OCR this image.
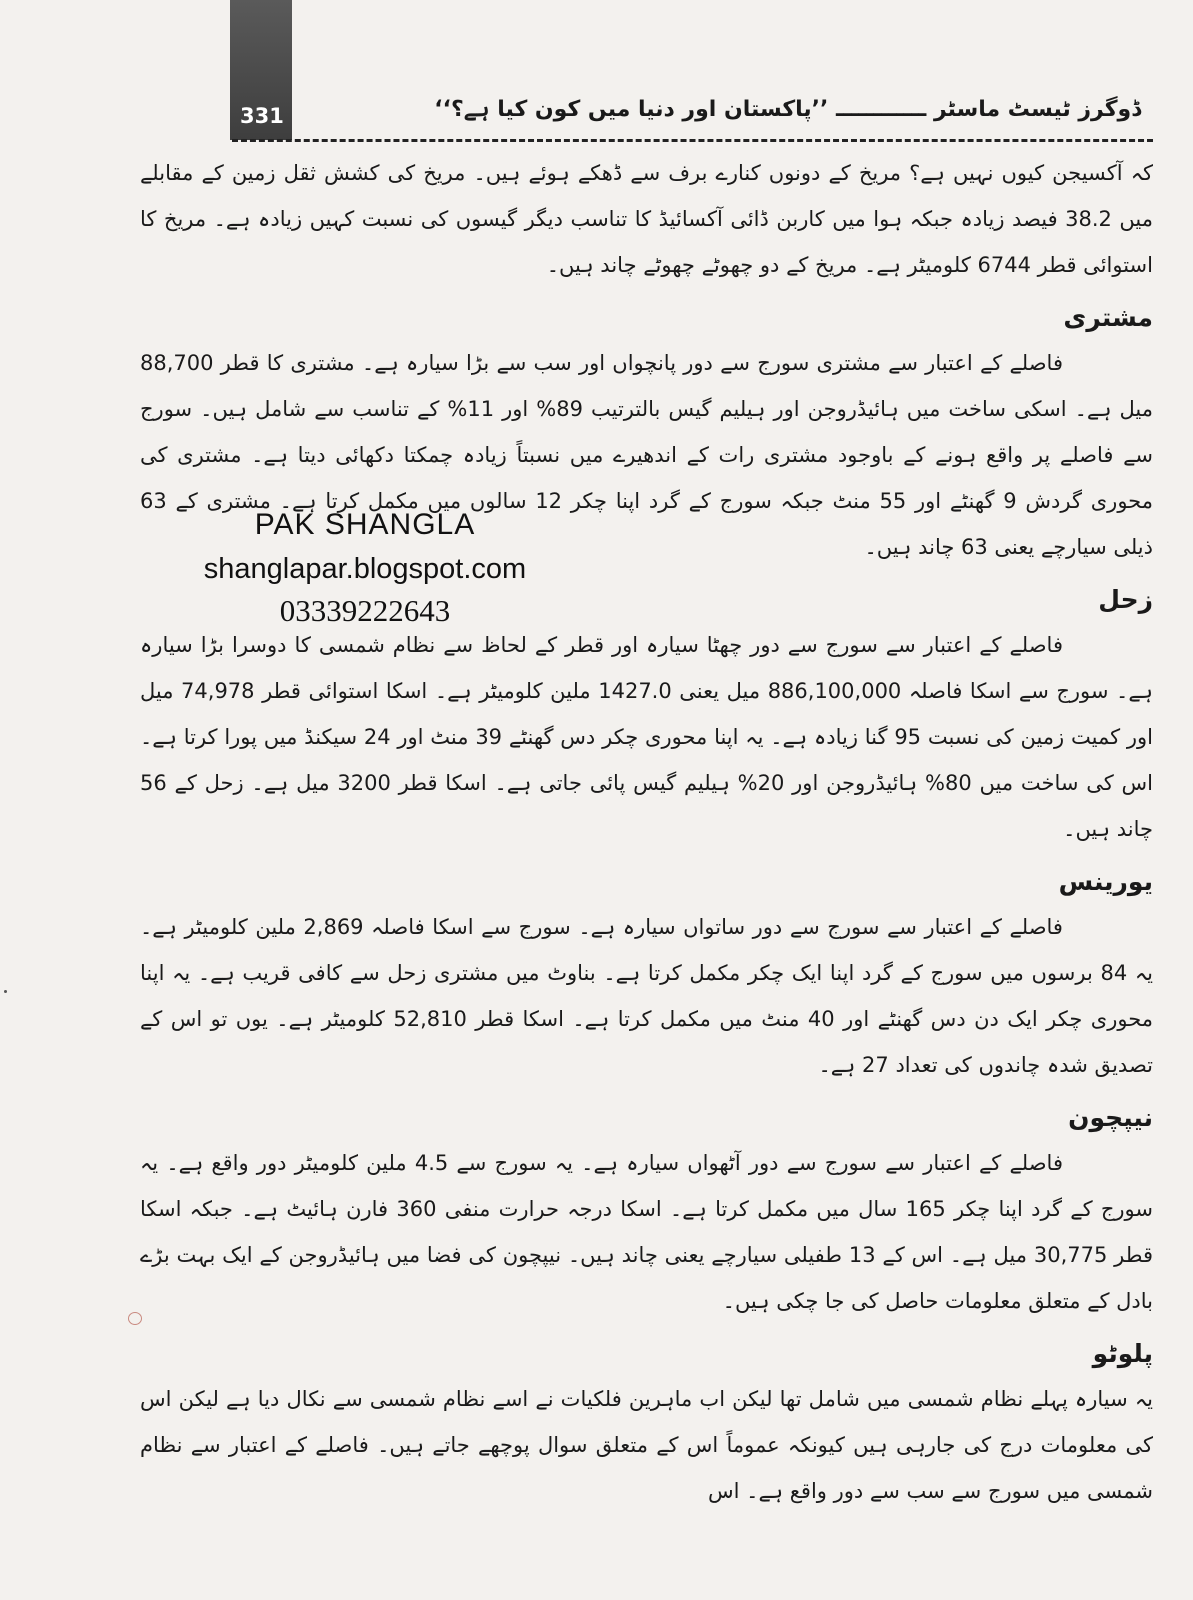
331	ڈوگرز ٹیسٹ ماسٹر ــــــــــــ ’’پاکستان اور دنیا میں کون کیا ہے؟‘‘

کہ آکسیجن کیوں نہیں ہے؟ مریخ کے دونوں کنارے برف سے ڈھکے ہوئے ہیں۔ مریخ کی کشش ثقل زمین کے مقابلے میں 38.2 فیصد زیادہ جبکہ ہوا میں کاربن ڈائی آکسائیڈ کا تناسب دیگر گیسوں کی نسبت کہیں زیادہ ہے۔ مریخ کا استوائی قطر 6744 کلومیٹر ہے۔ مریخ کے دو چھوٹے چھوٹے چاند ہیں۔

مشتری

فاصلے کے اعتبار سے مشتری سورج سے دور پانچواں اور سب سے بڑا سیارہ ہے۔ مشتری کا قطر 88,700 میل ہے۔ اسکی ساخت میں ہائیڈروجن اور ہیلیم گیس بالترتیب 89% اور 11% کے تناسب سے شامل ہیں۔ سورج سے فاصلے پر واقع ہونے کے باوجود مشتری رات کے اندھیرے میں نسبتاً زیادہ چمکتا دکھائی دیتا ہے۔ مشتری کی محوری گردش 9 گھنٹے اور 55 منٹ جبکہ سورج کے گرد اپنا چکر 12 سالوں میں مکمل کرتا ہے۔ مشتری کے 63 ذیلی سیارچے یعنی 63 چاند ہیں۔

زحل

فاصلے کے اعتبار سے سورج سے دور چھٹا سیارہ اور قطر کے لحاظ سے نظام شمسی کا دوسرا بڑا سیارہ ہے۔ سورج سے اسکا فاصلہ 886,100,000 میل یعنی 1427.0 ملین کلومیٹر ہے۔ اسکا استوائی قطر 74,978 میل اور کمیت زمین کی نسبت 95 گنا زیادہ ہے۔ یہ اپنا محوری چکر دس گھنٹے 39 منٹ اور 24 سیکنڈ میں پورا کرتا ہے۔ اس کی ساخت میں 80% ہائیڈروجن اور 20% ہیلیم گیس پائی جاتی ہے۔ اسکا قطر 3200 میل ہے۔ زحل کے 56 چاند ہیں۔

یورینس

فاصلے کے اعتبار سے سورج سے دور ساتواں سیارہ ہے۔ سورج سے اسکا فاصلہ 2,869 ملین کلومیٹر ہے۔ یہ 84 برسوں میں سورج کے گرد اپنا ایک چکر مکمل کرتا ہے۔ بناوٹ میں مشتری زحل سے کافی قریب ہے۔ یہ اپنا محوری چکر ایک دن دس گھنٹے اور 40 منٹ میں مکمل کرتا ہے۔ اسکا قطر 52,810 کلومیٹر ہے۔ یوں تو اس کے تصدیق شدہ چاندوں کی تعداد 27 ہے۔

نیپچون

فاصلے کے اعتبار سے سورج سے دور آٹھواں سیارہ ہے۔ یہ سورج سے 4.5 ملین کلومیٹر دور واقع ہے۔ یہ سورج کے گرد اپنا چکر 165 سال میں مکمل کرتا ہے۔ اسکا درجہ حرارت منفی 360 فارن ہائیٹ ہے۔ جبکہ اسکا قطر 30,775 میل ہے۔ اس کے 13 طفیلی سیارچے یعنی چاند ہیں۔ نیپچون کی فضا میں ہائیڈروجن کے ایک بہت بڑے بادل کے متعلق معلومات حاصل کی جا چکی ہیں۔

پلوٹو

یہ سیارہ پہلے نظام شمسی میں شامل تھا لیکن اب ماہرین فلکیات نے اسے نظام شمسی سے نکال دیا ہے لیکن اس کی معلومات درج کی جارہی ہیں کیونکہ عموماً اس کے متعلق سوال پوچھے جاتے ہیں۔ فاصلے کے اعتبار سے نظام شمسی میں سورج سے سب سے دور واقع ہے۔ اس

PAK SHANGLA
shanglapar.blogspot.com
03339222643
